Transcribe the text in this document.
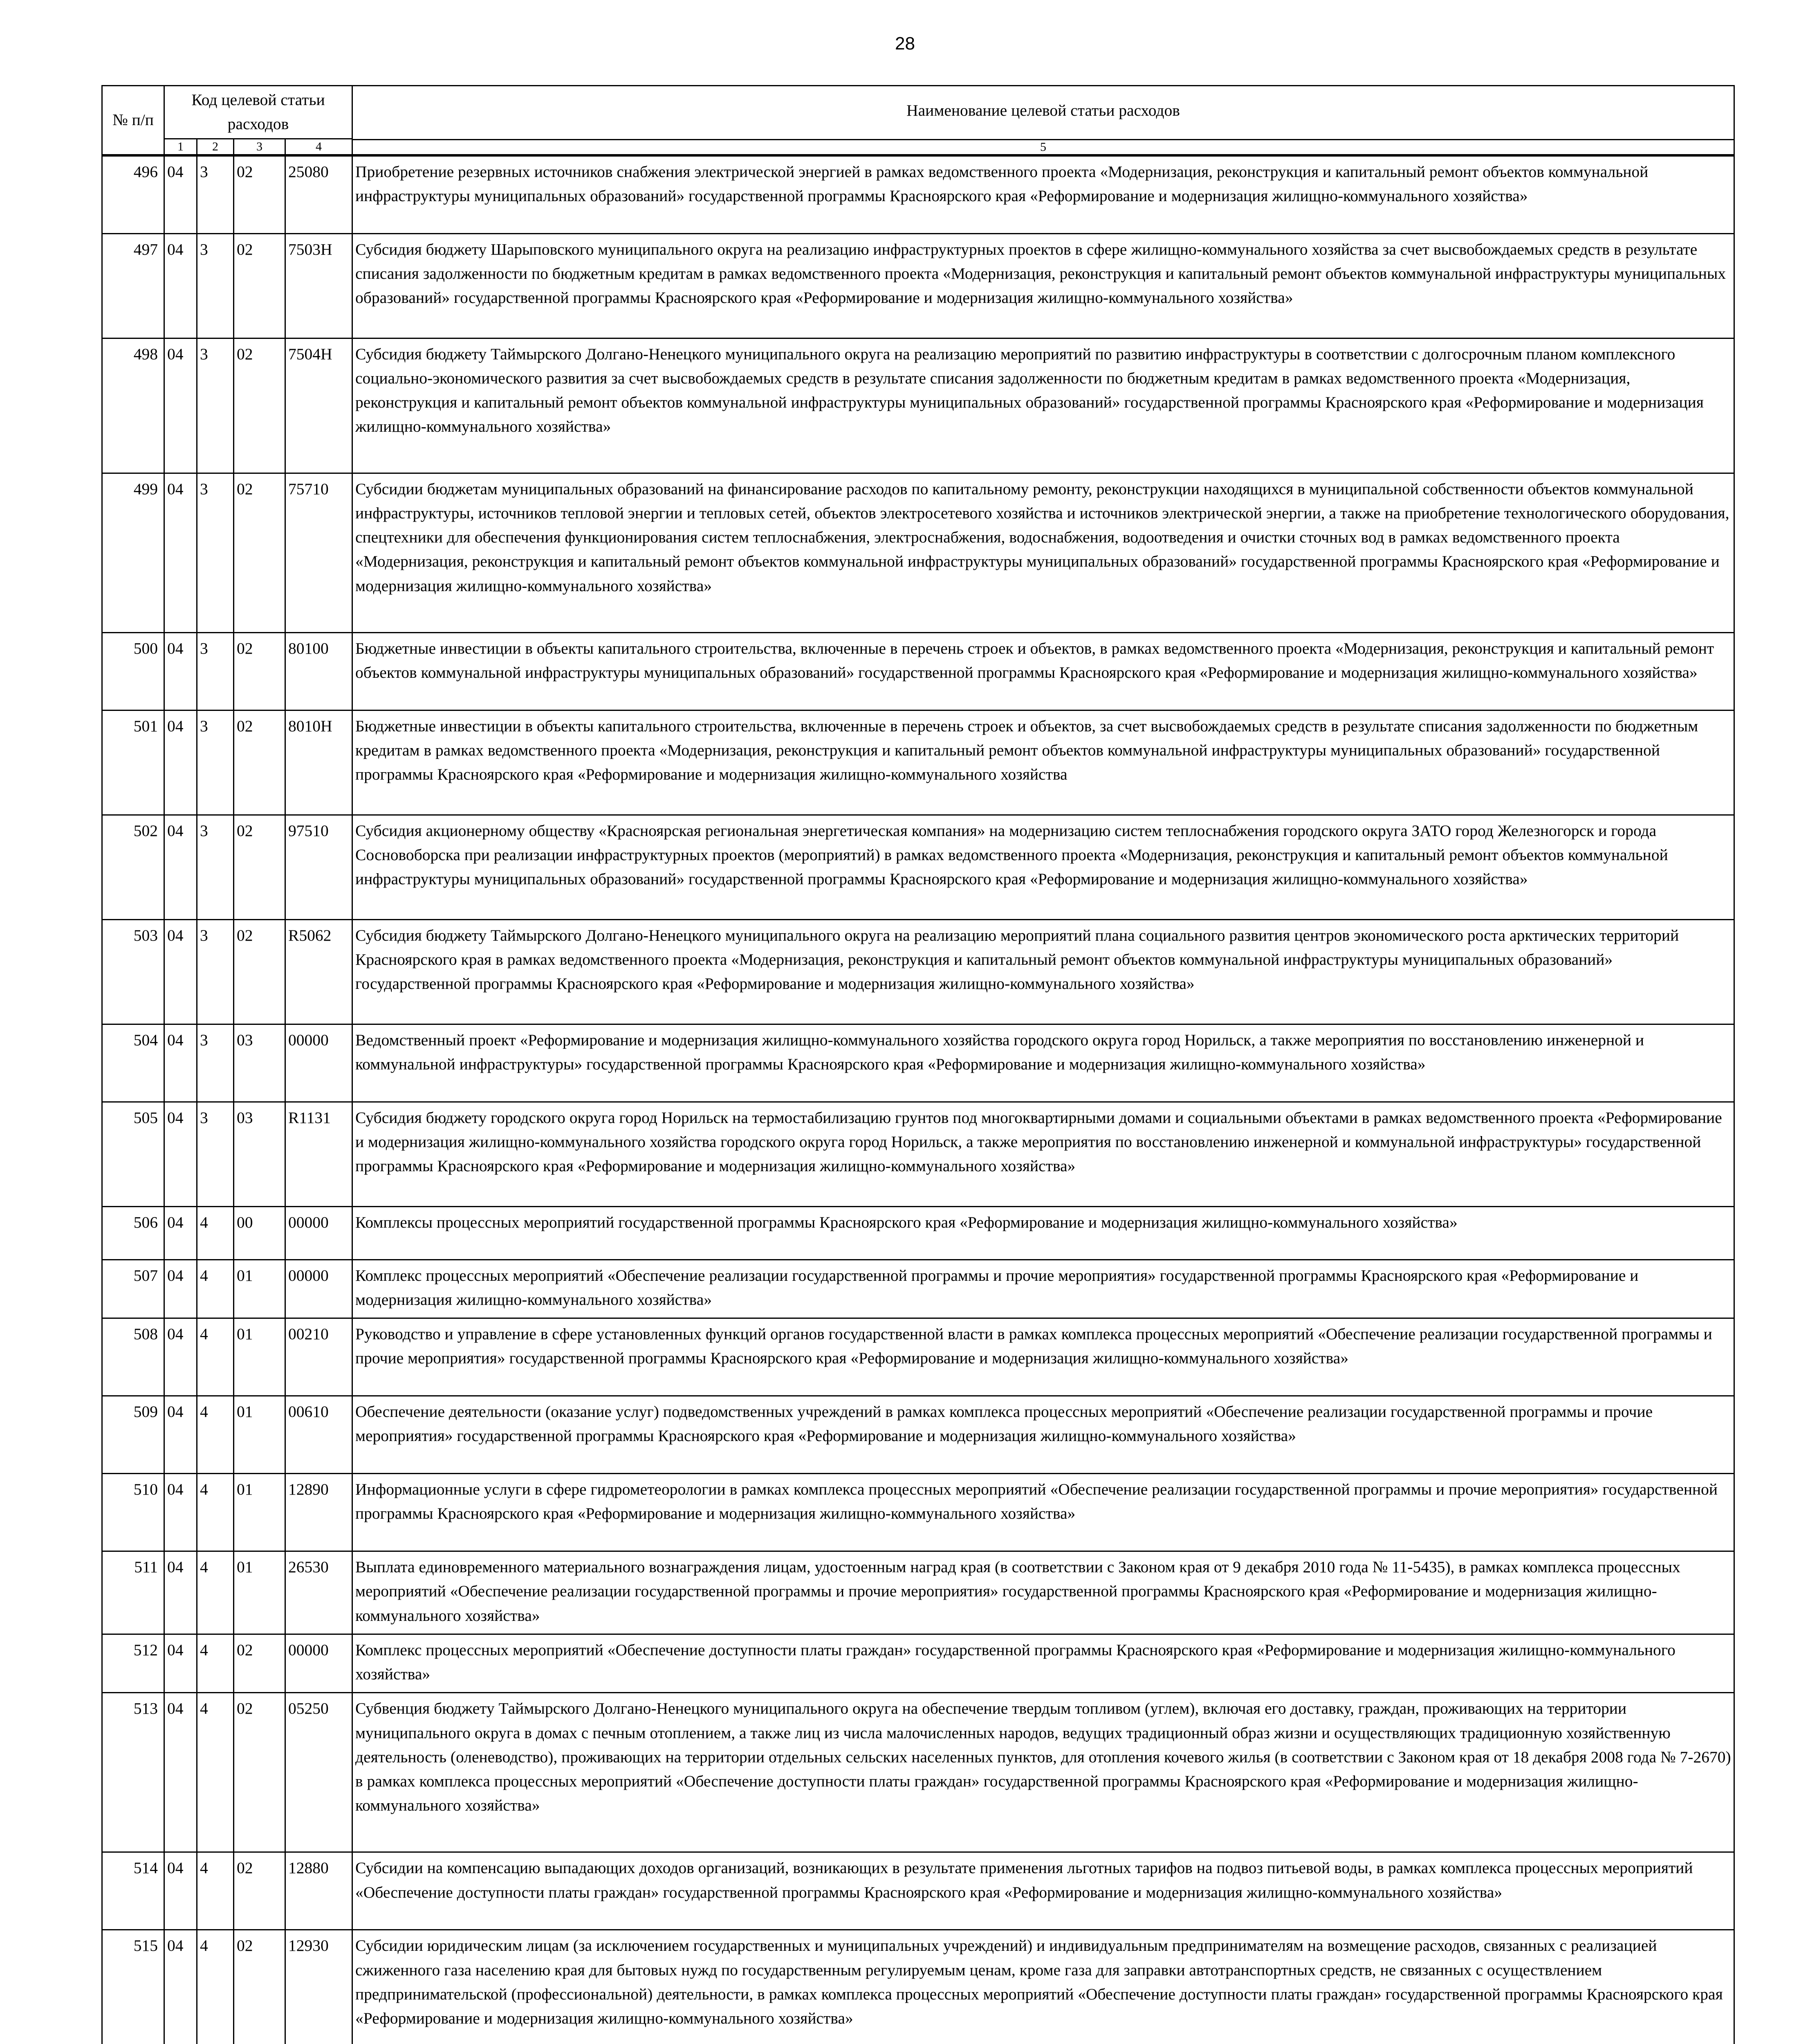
28
№ п/п	Код целевой статьи расходов				Наименование целевой статьи расходов
5

	1	2	3	4	

496	04	3	02	25080	Приобретение резервных источников снабжения электрической энергией в рамках ведомственного проекта «Модернизация, реконструкция и капитальный ремонт объектов коммунальной инфраструктуры муниципальных образований» государственной программы Красноярского края «Реформирование и модернизация жилищно-коммунального хозяйства»
497	04	3	02	7503Н	Субсидия бюджету Шарыповского муниципального округа на реализацию инфраструктурных проектов в сфере жилищно-коммунального хозяйства за счет высвобождаемых средств в результате списания задолженности по бюджетным кредитам в рамках ведомственного проекта «Модернизация, реконструкция и капитальный ремонт объектов коммунальной инфраструктуры муниципальных образований» государственной программы Красноярского края «Реформирование и модернизация жилищно-коммунального хозяйства»
498	04	3	02	7504Н	Субсидия бюджету Таймырского Долгано-Ненецкого муниципального округа на реализацию мероприятий по развитию инфраструктуры в соответствии с долгосрочным планом комплексного социально-экономического развития за счет высвобождаемых средств в результате списания задолженности по бюджетным кредитам в рамках ведомственного проекта «Модернизация, реконструкция и капитальный ремонт объектов коммунальной инфраструктуры муниципальных образований» государственной программы Красноярского края «Реформирование и модернизация жилищно-коммунального хозяйства»
499	04	3	02	75710	Субсидии бюджетам муниципальных образований на финансирование расходов по капитальному ремонту, реконструкции находящихся в муниципальной собственности объектов коммунальной инфраструктуры, источников тепловой энергии и тепловых сетей, объектов электросетевого хозяйства и источников электрической энергии, а также на приобретение технологического оборудования, спецтехники для обеспечения функционирования систем теплоснабжения, электроснабжения, водоснабжения, водоотведения и очистки сточных вод в рамках ведомственного проекта «Модернизация, реконструкция и капитальный ремонт объектов коммунальной инфраструктуры муниципальных образований» государственной программы Красноярского края «Реформирование и модернизация жилищно-коммунального хозяйства»
500	04	3	02	80100	Бюджетные инвестиции в объекты капитального строительства, включенные в перечень строек и объектов, в рамках ведомственного проекта «Модернизация, реконструкция и капитальный ремонт объектов коммунальной инфраструктуры муниципальных образований» государственной программы Красноярского края «Реформирование и модернизация жилищно-коммунального хозяйства»
501	04	3	02	8010Н	Бюджетные инвестиции в объекты капитального строительства, включенные в перечень строек и объектов, за счет высвобождаемых средств в результате списания задолженности по бюджетным кредитам в рамках ведомственного проекта «Модернизация, реконструкция и капитальный ремонт объектов коммунальной инфраструктуры муниципальных образований» государственной программы Красноярского края «Реформирование и модернизация жилищно-коммунального хозяйства
502	04	3	02	97510	Субсидия акционерному обществу «Красноярская региональная энергетическая компания» на модернизацию систем теплоснабжения городского округа ЗАТО город Железногорск и города Сосновоборска при реализации инфраструктурных проектов (мероприятий) в рамках ведомственного проекта «Модернизация, реконструкция и капитальный ремонт объектов коммунальной инфраструктуры муниципальных образований» государственной программы Красноярского края «Реформирование и модернизация жилищно-коммунального хозяйства»
503	04	3	02	R5062	Субсидия бюджету Таймырского Долгано-Ненецкого муниципального округа на реализацию мероприятий плана социального развития центров экономического роста арктических территорий Красноярского края в рамках ведомственного проекта «Модернизация, реконструкция и капитальный ремонт объектов коммунальной инфраструктуры муниципальных образований» государственной программы Красноярского края «Реформирование и модернизация жилищно-коммунального хозяйства»
504	04	3	03	00000	Ведомственный проект «Реформирование и модернизация жилищно-коммунального хозяйства городского округа город Норильск, а также мероприятия по восстановлению инженерной и коммунальной инфраструктуры» государственной программы Красноярского края «Реформирование и модернизация жилищно-коммунального хозяйства»
505	04	3	03	R1131	Субсидия бюджету городского округа город Норильск на термостабилизацию грунтов под многоквартирными домами и социальными объектами в рамках ведомственного проекта «Реформирование и модернизация жилищно-коммунального хозяйства городского округа город Норильск, а также мероприятия по восстановлению инженерной и коммунальной инфраструктуры» государственной программы Красноярского края «Реформирование и модернизация жилищно-коммунального хозяйства»
506	04	4	00	00000	Комплексы процессных мероприятий государственной программы Красноярского края «Реформирование и модернизация жилищно-коммунального хозяйства»
507	04	4	01	00000	Комплекс процессных мероприятий «Обеспечение реализации государственной программы и прочие мероприятия» государственной программы Красноярского края «Реформирование и модернизация жилищно-коммунального хозяйства»
508	04	4	01	00210	Руководство и управление в сфере установленных функций органов государственной власти в рамках комплекса процессных мероприятий «Обеспечение реализации государственной программы и прочие мероприятия» государственной программы Красноярского края «Реформирование и модернизация жилищно-коммунального хозяйства»
509	04	4	01	00610	Обеспечение деятельности (оказание услуг) подведомственных учреждений в рамках комплекса процессных мероприятий «Обеспечение реализации государственной программы и прочие мероприятия» государственной программы Красноярского края «Реформирование и модернизация жилищно-коммунального хозяйства»
510	04	4	01	12890	Информационные услуги в сфере гидрометеорологии в рамках комплекса процессных мероприятий «Обеспечение реализации государственной программы и прочие мероприятия» государственной программы Красноярского края «Реформирование и модернизация жилищно-коммунального хозяйства»
511	04	4	01	26530	Выплата единовременного материального вознаграждения лицам, удостоенным наград края (в соответствии с Законом края от 9 декабря 2010 года № 11-5435), в рамках комплекса процессных мероприятий «Обеспечение реализации государственной программы и прочие мероприятия» государственной программы Красноярского края «Реформирование и модернизация жилищно-коммунального хозяйства»
512	04	4	02	00000	Комплекс процессных мероприятий «Обеспечение доступности платы граждан» государственной программы Красноярского края «Реформирование и модернизация жилищно-коммунального хозяйства»
513	04	4	02	05250	Субвенция бюджету Таймырского Долгано-Ненецкого муниципального округа на обеспечение твердым топливом (углем), включая его доставку, граждан, проживающих на территории муниципального округа в домах с печным отоплением, а также лиц из числа малочисленных народов, ведущих традиционный образ жизни и осуществляющих традиционную хозяйственную деятельность (оленеводство), проживающих на территории отдельных сельских населенных пунктов, для отопления кочевого жилья (в соответствии с Законом края от 18 декабря 2008 года № 7-2670) в рамках комплекса процессных мероприятий «Обеспечение доступности платы граждан» государственной программы Красноярского края «Реформирование и модернизация жилищно-коммунального хозяйства»
514	04	4	02	12880	Субсидии на компенсацию выпадающих доходов организаций, возникающих в результате применения льготных тарифов на подвоз питьевой воды, в рамках комплекса процессных мероприятий «Обеспечение доступности платы граждан» государственной программы Красноярского края «Реформирование и модернизация жилищно-коммунального хозяйства»
515	04	4	02	12930	Субсидии юридическим лицам (за исключением государственных и муниципальных учреждений) и индивидуальным предпринимателям на возмещение расходов, связанных с реализацией сжиженного газа населению края для бытовых нужд по государственным регулируемым ценам, кроме газа для заправки автотранспортных средств, не связанных с осуществлением предпринимательской (профессиональной) деятельности, в рамках комплекса процессных мероприятий «Обеспечение доступности платы граждан» государственной программы Красноярского края «Реформирование и модернизация жилищно-коммунального хозяйства»
